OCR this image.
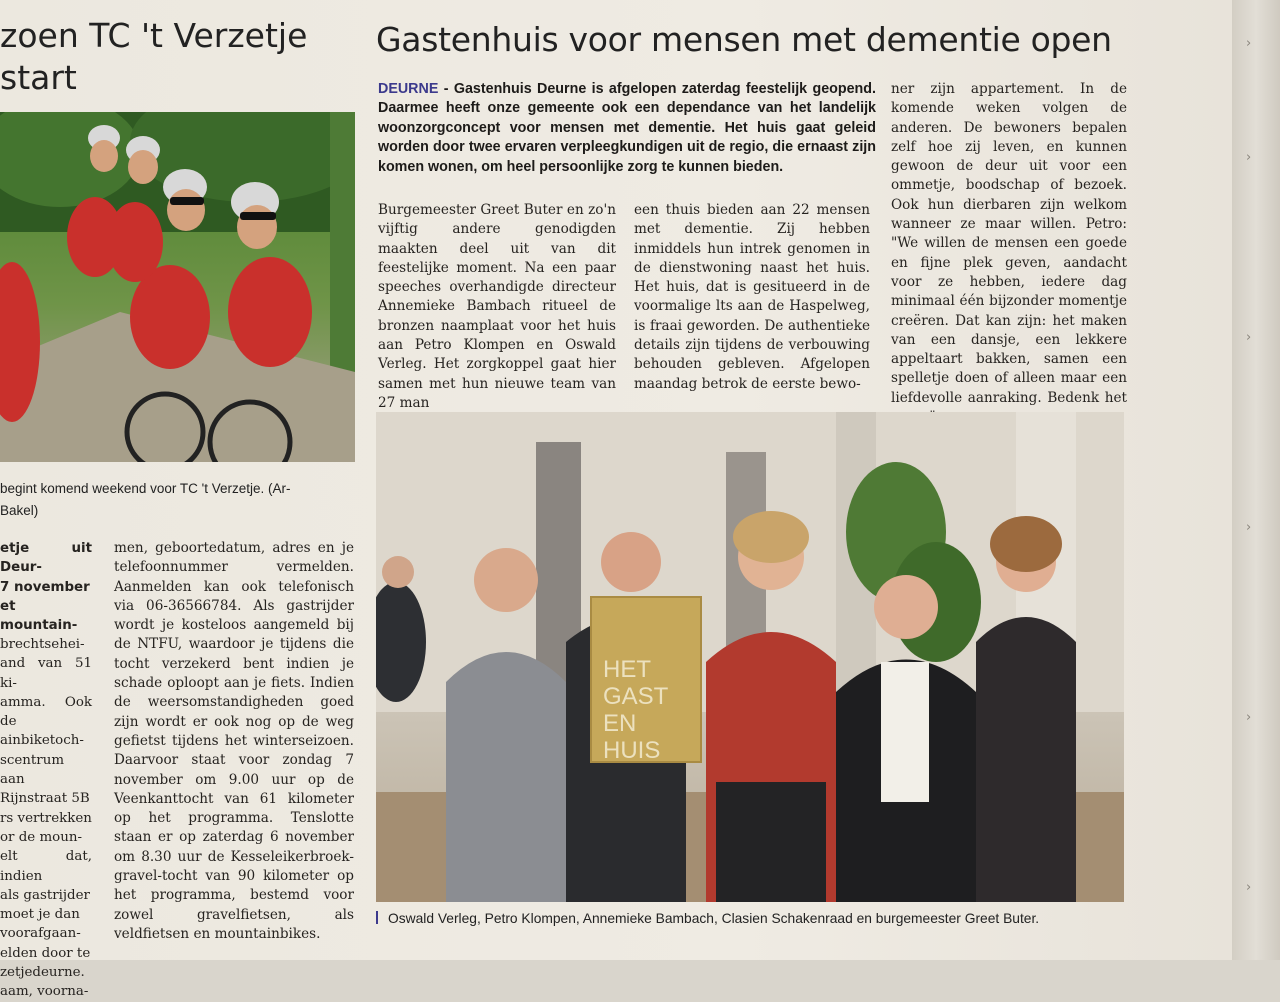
zoen TC 't Verzetje
start
begint komend weekend voor TC 't Verzetje. (Ar-
Bakel)
etje uit Deur-
7 november
et mountain-
brechtsehei-
and van 51 ki-
amma. Ook de
ainbiketoch-
scentrum aan
Rijnstraat 5B
rs vertrekken
or de moun-
elt dat, indien
als gastrijder
moet je dan
voorafgaan-
elden door te
zetjedeurne.
aam, voorna-

men, geboortedatum, adres en je telefoonnummer vermelden. Aanmelden kan ook telefonisch via 06-36566784. Als gastrijder wordt je kosteloos aangemeld bij de NTFU, waardoor je tijdens die tocht verzekerd bent indien je schade oploopt aan je fiets. Indien de weersomstandigheden goed zijn wordt er ook nog op de weg gefietst tijdens het winterseizoen. Daarvoor staat voor zondag 7 november om 9.00 uur op de Veenkanttocht van 61 kilometer op het programma. Tenslotte staan er op zaterdag 6 november om 8.30 uur de Kesseleikerbroek-gravel-tocht van 90 kilometer op het programma, bestemd voor zowel gravelfietsen, als veldfietsen en mountainbikes.

Gastenhuis voor mensen met dementie open
DEURNE - Gastenhuis Deurne is afgelopen zaterdag feestelijk geopend. Daarmee heeft onze gemeente ook een dependance van het landelijk woonzorgconcept voor mensen met dementie. Het huis gaat geleid worden door twee ervaren verpleegkundigen uit de regio, die ernaast zijn komen wonen, om heel persoonlijke zorg te kunnen bieden.

Burgemeester Greet Buter en zo'n vijftig andere genodigden maakten deel uit van dit feestelijke moment. Na een paar speeches overhandigde directeur Annemieke Bambach ritueel de bronzen naamplaat voor het huis aan Petro Klompen en Oswald Verleg. Het zorgkoppel gaat hier samen met hun nieuwe team van 27 man

een thuis bieden aan 22 mensen met dementie. Zij hebben inmiddels hun intrek genomen in de dienstwoning naast het huis. Het huis, dat is gesitueerd in de voormalige lts aan de Haspelweg, is fraai geworden. De authentieke details zijn tijdens de verbouwing behouden gebleven. Afgelopen maandag betrok de eerste bewo-

ner zijn appartement. In de komende weken volgen de anderen. De bewoners bepalen zelf hoe zij leven, en kunnen gewoon de deur uit voor een ommetje, boodschap of bezoek. Ook hun dierbaren zijn welkom wanneer ze maar willen. Petro: "We willen de mensen een goede en fijne plek geven, aandacht voor ze hebben, iedere dag minimaal één bijzonder momentje creëren. Dat kan zijn: het maken van een dansje, een lekkere appeltaart bakken, samen een spelletje doen of alleen maar een liefdevolle aanraking. Bedenk het

HET
GAST
EN
HUIS
Oswald Verleg, Petro Klompen, Annemieke Bambach, Clasien Schakenraad en burgemeester Greet Buter.
›
›
›
›
›
›
